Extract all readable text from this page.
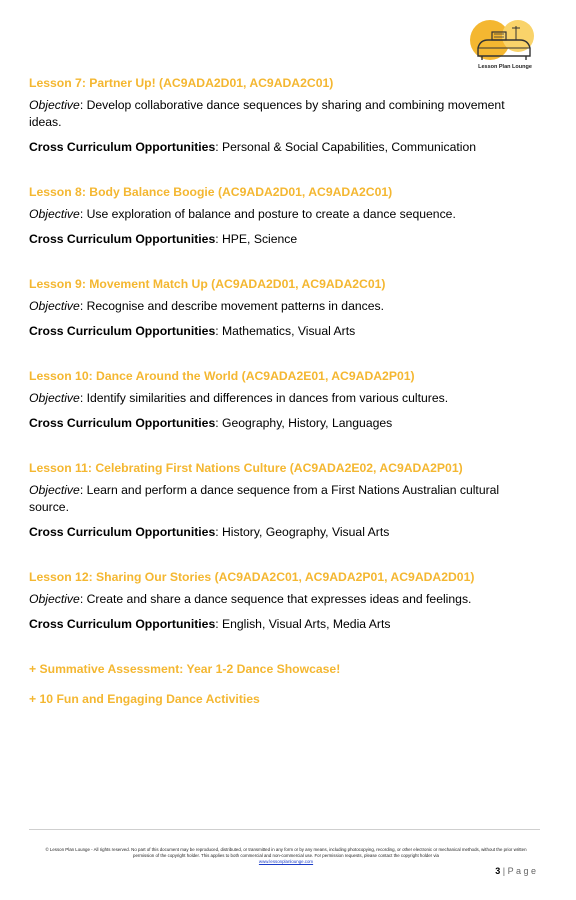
Lesson Plan Lounge
Lesson 7: Partner Up! (AC9ADA2D01, AC9ADA2C01)

Objective: Develop collaborative dance sequences by sharing and combining movement ideas.

Cross Curriculum Opportunities: Personal & Social Capabilities, Communication

Lesson 8: Body Balance Boogie (AC9ADA2D01, AC9ADA2C01)

Objective: Use exploration of balance and posture to create a dance sequence.

Cross Curriculum Opportunities: HPE, Science

Lesson 9: Movement Match Up (AC9ADA2D01, AC9ADA2C01)

Objective: Recognise and describe movement patterns in dances.

Cross Curriculum Opportunities: Mathematics, Visual Arts

Lesson 10: Dance Around the World (AC9ADA2E01, AC9ADA2P01)

Objective: Identify similarities and differences in dances from various cultures.

Cross Curriculum Opportunities: Geography, History, Languages

Lesson 11: Celebrating First Nations Culture (AC9ADA2E02, AC9ADA2P01)

Objective: Learn and perform a dance sequence from a First Nations Australian cultural source.

Cross Curriculum Opportunities: History, Geography, Visual Arts

Lesson 12: Sharing Our Stories (AC9ADA2C01, AC9ADA2P01, AC9ADA2D01)

Objective: Create and share a dance sequence that expresses ideas and feelings.

Cross Curriculum Opportunities: English, Visual Arts, Media Arts

+ Summative Assessment: Year 1-2 Dance Showcase!
+ 10 Fun and Engaging Dance Activities
© Lesson Plan Lounge - All rights reserved. No part of this document may be reproduced, distributed, or transmitted in any form or by any means, including photocopying, recording, or other electronic or mechanical methods, without the prior written permission of the copyright holder. This applies to both commercial and non-commercial use. For permission requests, please contact the copyright holder via
www.lessonplanlounge.com
3 | P a g e
